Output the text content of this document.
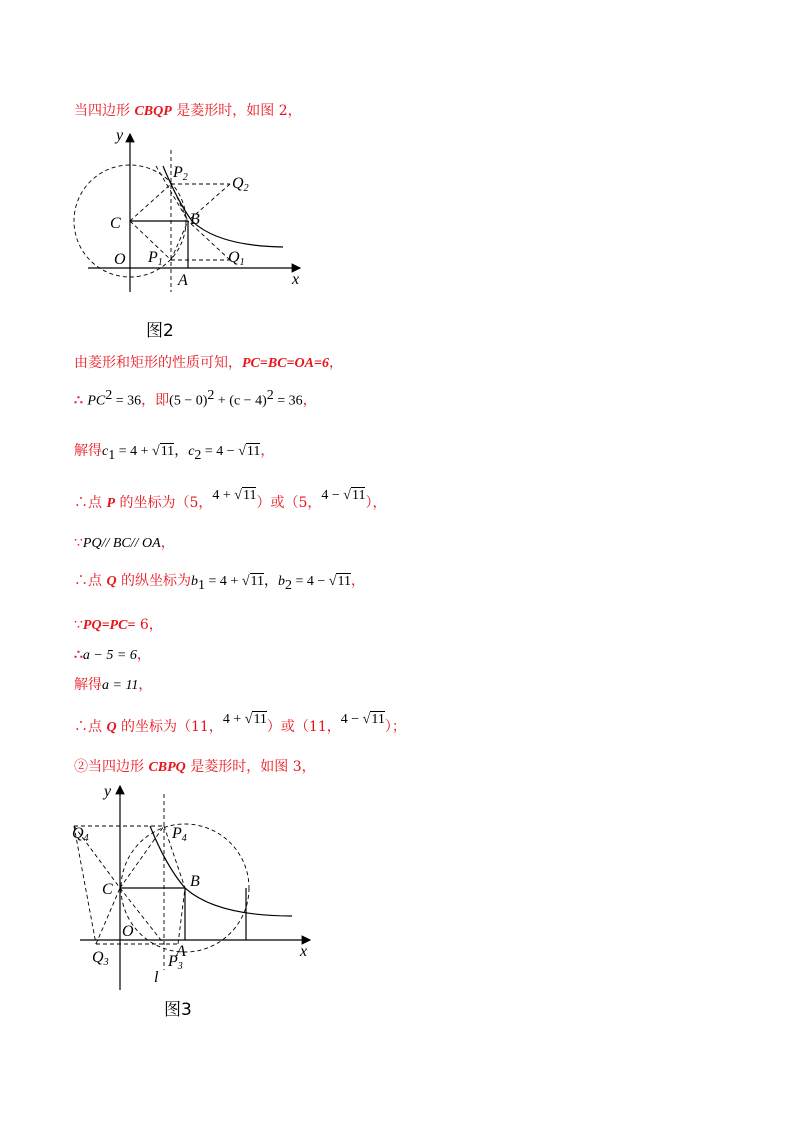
当四边形 CBQP 是菱形时，如图 2，
y
x
O
C	B
A
P1	Q1
P2	Q2
图2
由菱形和矩形的性质可知，PC=BC=OA=6，
∴ $PC^2 = 36$，即$(5 - 0)^2 + (c - 4)^2 = 36$，
解得$c_1 = 4 + √11$，$c_2 = 4 - √11$，
∴点 P 的坐标为（5，4 + √11）或（5，4 − √11），
∵PQ// BC// OA，
∴点 Q 的纵坐标为$b_1 = 4 + √11$，$b_2 = 4 - √11$，
∵PQ=PC= 6，
∴a − 5 = 6，
解得a = 11，
∴点 Q 的坐标为（11，4 + √11）或（11，4 − √11）；
②当四边形 CBPQ 是菱形时，如图 3，
y
x
O
C	B
A
l
P3
Q3
P4
Q4
图3
